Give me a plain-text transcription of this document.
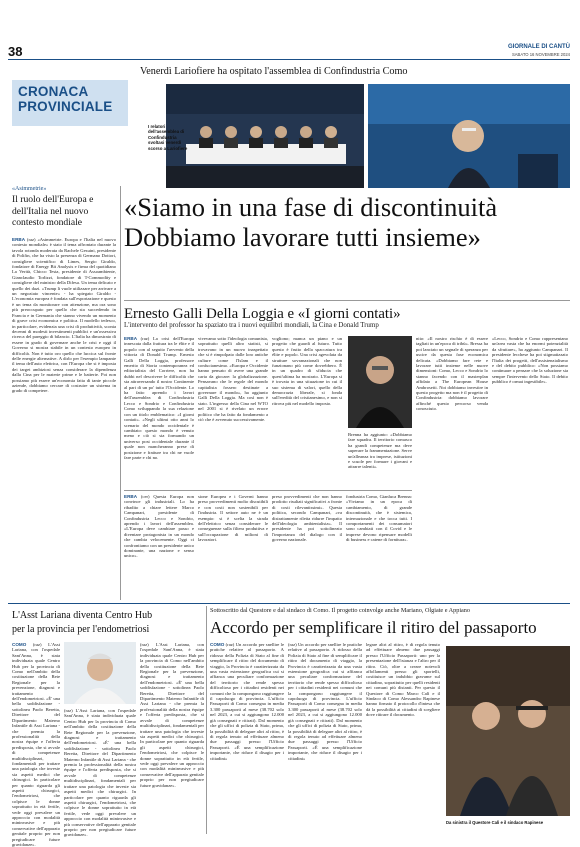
38	GIORNALE DI CANTÙ
SABATO 16 NOVEMBRE 2024
CRONACA
PROVINCIALE
Venerdì Lariofiere ha ospitato l'assemblea di Confindustria Como
I relatori dell'assemblea di Confindustria svoltasi venerdì scorso a Lariofiere
«Siamo in una fase di discontinuità Dobbiamo lavorare tutti insieme»
«Asimmetrie»
Il ruolo dell'Europa e dell'Italia nel nuovo contesto mondiale
ERBA (raz) «Asimmetrie. Europa e l'Italia nel nuovo contesto mondiale» è stato il tema affrontato durante la tavola rotonda moderata da Rachele Gesuini, presidente di Polifin, che ha visto la presenza di Germano Dottori, consigliere scientifico di Limes, Sergio Giraldo, fondatore di Energy Bit Analysis e firma del quotidiano La Verità, Chicco Testa, presidente di Assoambiente, Gianclaudio Torlizzi, fondatore di T-Commodity e consigliere del ministro della Difesa. Un tema delicato e quello dei dazi. «Trump li vuole utilizzare per arrivare a un negoziato vincente» - ha spiegato Giraldo - L'economia europea è fondata sull'esportazione e questo è un tema da monitorare con attenzione, ma ora sono più preoccupato per quello che sta succedendo in Francia e in Germania che stanno vivendo un momento di grave crisi economica e politica. Il modello tedesco, in particolare, evidenzia una crisi di produttività, sconta decenni di modesti investimenti pubblici e un'ossessiva ricerca del pareggio di bilancio. L'Italia ha dimostrato di essere in grado di governare anche le crisi e oggi il Governo si mostra stabile in un contesto europeo in difficoltà. Non è tutto oro quello che luccica sul fronte delle energie alternative. A dirlo per l'esempio lampante il tema dell'auto elettrica, con l'Europa che si è imposta dei target ambiziosi senza considerare la dipendenza dalla Cina per le materie prime e le batterie. Poi non possiamo più essere un'economia fatta di tante piccole aziende, dobbiamo cercare di costruire un sistema in grado di competere.
Ernesto Galli Della Loggia e «I giorni contati»
L'intervento del professor ha spaziato tra i nuovi equilibri mondiali, la Cina e Donald Trump
ERBA (raz) La crisi dell'Europa innescata dalla frattura tra le élite e il popolo con al seguito l'avvento della vittoria di Donald Trump. Ernesto Galli Della Loggia, professore emerito di Storia contemporanea ed editorialista del Corriere, non ha dubbi nel descrivere le difficoltà che sta attraversando il nostro Continente al pari di un po' tutto l'Occidente. Lo ha fatto aprendo i lavori dell'assemblea di Confindustria Lecco e Sondrio e Confindustria Como sviluppando la sua relazione con un titolo emblematico: «I giorni contati». «Negli ultimi otto anni lo scenario del mondo occidentale è cambiato: questo mondo è venuto meno e ciò si sta formando un universo post occidentale durante il quale non mancheranno prese di posizione e fratture tra chi ne vuole fare parte e chi no.
vivevamo sotto l'ideologia comunista, soprattutto quelli altro statisti, si trovavano in un nuovo inaspettato che si è rimpolpato dalle loro antiche culture come l'Islam e il confucianesimo. «Europa e Occidente hanno pensato di avere una grande carta da giocare: la globalizzazione. Pensavano che le regole del mondo capitalista fossero destinate a governare il mondo», ha aggiunto Galli Della Loggia. Ma così non è stato. L'ingresso della Cina nel WTO nel 2001 si è rivelato un errore politico che ha fatto da fondamento a ciò che è avvenuto successivamente.
vogliono; manca un piano e un progetto che guardi al futuro. Tutto questo è frutto della spaccatura tra élite e popolo. Una crisi agevolata da strutture sovranazionali che non funzionano più come dovrebbero. È in un quadro di sfiducia che quest'ultima ha mostrato. L'Europa si è trovata in una situazione in cui il suo sistema di valori, quello della democrazia liberale, si fonda sull'eredità del cristianesimo, e non si ritrova più nel modello imposto.
Brenna ha aggiunto: «Dobbiamo fare squadra. Il territorio comasco ha grandi competenze ma deve superare la frammentazione. Serve un'alleanza tra imprese, istituzioni e scuole per formare i giovani e attrarre talenti».
nito: «Il nostro rischio è di essere tagliati in un'epoca di tribù». Bressa ha poi lanciato un segnale di speranza per uscire da questa fase economica delicata. «Dobbiamo fare rete e lavorare tutti insieme nelle nuove dimensioni: Como, Lecco e Sondrio lo stanno facendo con il masterplan affidato a The European House Ambrosetti. Noi dobbiamo investire in questo progetto ma non è il progetto di Confindustria: dobbiamo lavorare affinché questo percorso venda conosciuto.
«Lecco, Sondrio e Como rappresentano un'area vasta che ha enormi potenzialità da sfruttare», ha aggiunto Campanari. Il presidente lecchese ha poi stigmatizzato l'Italia dei progetti, dell'assistenzialismo e del debito pubblico: «Non possiamo continuare a pensare che la soluzione sia sempre l'intervento dello Stato. Il debito pubblico è ormai ingestibile».
ERBA (cer) Questa Europa non convince gli industriali. Lo ha ribadito a chiare lettere Marco Campanari, presidente di Confindustria Lecco e Sondrio, aprendo i lavori dell'assemblea. «L'Europa deve cambiare passo e diventare protagonista in un mondo che cambia velocemente. Oggi ci confrontiamo con un presidente unico dominante, una nazione e senso unico».
sione Europea e i Governi hanno preso provvedimenti molto discutibili e con costi non sostenibili per l'industria. Il settore auto ne è un esempio: si è scelta la strada dell'elettrico senza considerare le conseguenze sulla filiera produttiva e sull'occupazione di milioni di lavoratori.
preso provvedimenti che non hanno prodotto risultati significativi a fronte di costi rilevantissimi». Questa politica, secondo Campanari, «va distrattamente riletta ridurre l'impatto dell'ideologia ambientalista». Il presidente ha poi sottolineato l'importanza del dialogo con il governo nazionale.
fondustria Como, Gianluca Brenna: «Viviamo in un epoca di cambiamento, di grande discontinuità, che è sistemica, internazionale e che tocca tutti. I comportamenti dei consumatori sono cambiati con il Covid e le imprese devono ripensare modelli di business e catene di fornitura».
L'Asst Lariana diventa Centro Hub
per la provincia per l'endometriosi
COMO (raz) L'Asst Lariana, con l'ospedale Sant'Anna, è stata individuata quale Centro Hub per la provincia di Como nell'ambito della costituzione della Rete Regionale per la prevenzione, diagnosi e trattamento dell'endometriosi. «È' una bella soddisfazione - sottolinea Paolo Beretta, Direttore del Dipartimento Materno Infantile di Asst Lariana - che premia la professionalità della nostra équipe e l'offerta predisposta, che si avvale di competenze multidisciplinari, fondamentali per trattare una patologia che investe sia aspetti medici che chirurgici. In particolare per quanto riguarda gli aspetti chirurgici, l'endometriosi, che colpisce le donne soprattutto in età fertile, vede oggi prevalere un approccio con modalità mininvasive e più conservative dell'apparato genitale proprio per non pregiudicare future gravidanze».
(raz) L'Asst Lariana, con l'ospedale Sant'Anna, è stata individuata quale Centro Hub per la provincia di Como nell'ambito della costituzione della Rete Regionale per la prevenzione, diagnosi e trattamento dell'endometriosi. «È' una bella soddisfazione - sottolinea Paolo Beretta, Direttore del Dipartimento Materno Infantile di Asst Lariana - che premia la professionalità della nostra équipe e l'offerta predisposta, che si avvale di competenze multidisciplinari, fondamentali per trattare una patologia che investe sia aspetti medici che chirurgici. In particolare per quanto riguarda gli aspetti chirurgici, l'endometriosi, che colpisce le donne soprattutto in età fertile, vede oggi prevalere un approccio con modalità mininvasive e più conservative dell'apparato genitale proprio per non pregiudicare future gravidanze».
(raz) L'Asst Lariana, con l'ospedale Sant'Anna, è stata individuata quale Centro Hub per la provincia di Como nell'ambito della costituzione della Rete Regionale per la prevenzione, diagnosi e trattamento dell'endometriosi. «È' una bella soddisfazione - sottolinea Paolo Beretta, Direttore del Dipartimento Materno Infantile di Asst Lariana - che premia la professionalità della nostra équipe e l'offerta predisposta, che si avvale di competenze multidisciplinari, fondamentali per trattare una patologia che investe sia aspetti medici che chirurgici. In particolare per quanto riguarda gli aspetti chirurgici, l'endometriosi, che colpisce le donne soprattutto in età fertile, vede oggi prevalere un approccio con modalità mininvasive e più conservative dell'apparato genitale proprio per non pregiudicare future gravidanze».
Sottoscritto dal Questore e dal sindaco di Como. Il progetto coinvolge anche Mariano, Olgiate e Appiano
Accordo per semplificare il ritiro del passaporto
COMO (raz) Un accordo per snellire le pratiche relative al passaporto. A ridosso della Polizia di Stato al fine di semplificare il ritiro del documento di viaggio, la Provincia è caratterizzata da una vasta estensione geografica cui si affianca una peculiare conformazione del territorio che rende spesso difficoltoso per i cittadini residenti nei comuni che la compongono raggiungere il capoluogo di provincia. L'ufficio Passaporti di Como consegna in media 3.300 passaporti al mese (38.702 solo nel 2023, a cui si aggiungono 12.000 già consegnati e ritirati). Dal momento che gli uffici di polizia di Stato, prima, la possibilità di delegare altri al ritiro, è di regola tenuto ad effettuare almeno due passaggi presso l'Ufficio Passaporti. «È una semplificazione importante, che riduce il disagio per i cittadini»
(raz) Un accordo per snellire le pratiche relative al passaporto. A ridosso della Polizia di Stato al fine di semplificare il ritiro del documento di viaggio, la Provincia è caratterizzata da una vasta estensione geografica cui si affianca una peculiare conformazione del territorio che rende spesso difficoltoso per i cittadini residenti nei comuni che la compongono raggiungere il capoluogo di provincia. L'ufficio Passaporti di Como consegna in media 3.300 passaporti al mese (38.702 solo nel 2023, a cui si aggiungono 12.000 già consegnati e ritirati). Dal momento che gli uffici di polizia di Stato, prima, la possibilità di delegare altri al ritiro, è di regola tenuto ad effettuare almeno due passaggi presso l'Ufficio Passaporti. «È una semplificazione importante, che riduce il disagio per i cittadini»
legare altri al ritiro, è di regola tenuto ad effettuare almeno due passaggi presso l'Ufficio Passaporti: uno per la presentazione dell'istanza e l'altro per il ritiro. Ciò, oltre a creare notevoli affollamenti presso gli sportelli, costituisce un indubbio gravame sul cittadino, soprattutto per quelli residenti nei comuni più distanti. Per questo il Questore di Como Marco Calì e il Sindaco di Como Alessandro Rapinese hanno firmato il protocollo d'intesa che dà la possibilità ai cittadini di scegliere dove ritirare il documento.
Da sinistra il Questore Calì e il sindaco Rapinese
